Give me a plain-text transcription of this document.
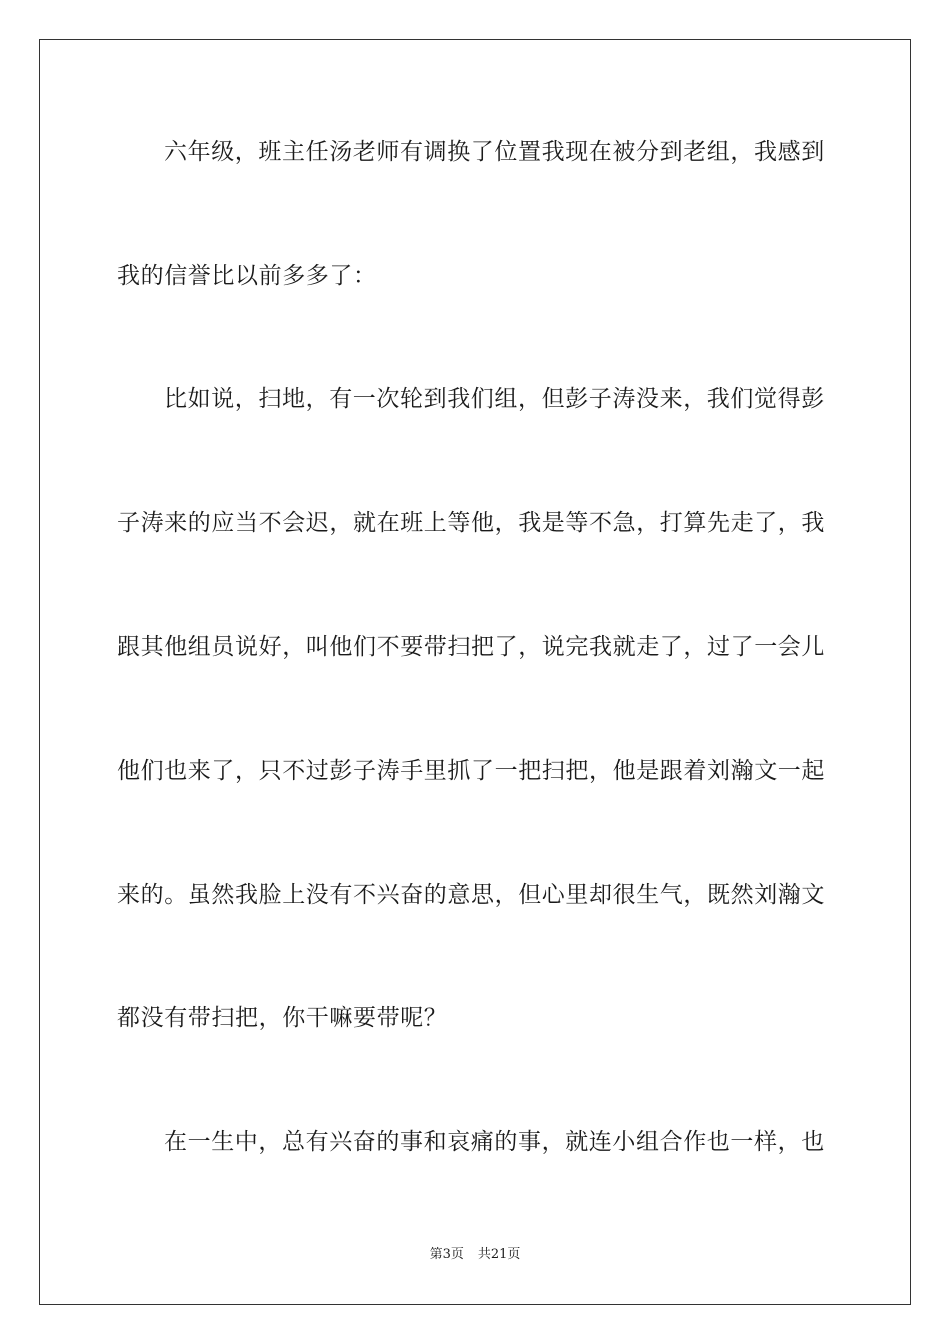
六年级，班主任汤老师有调换了位置我现在被分到老组，我感到
我的信誉比以前多多了：
比如说，扫地，有一次轮到我们组，但彭子涛没来，我们觉得彭
子涛来的应当不会迟，就在班上等他，我是等不急，打算先走了，我
跟其他组员说好，叫他们不要带扫把了，说完我就走了，过了一会儿
他们也来了，只不过彭子涛手里抓了一把扫把，他是跟着刘瀚文一起
来的。虽然我脸上没有不兴奋的意思，但心里却很生气，既然刘瀚文
都没有带扫把，你干嘛要带呢？
在一生中，总有兴奋的事和哀痛的事，就连小组合作也一样，也
第3页 共21页
